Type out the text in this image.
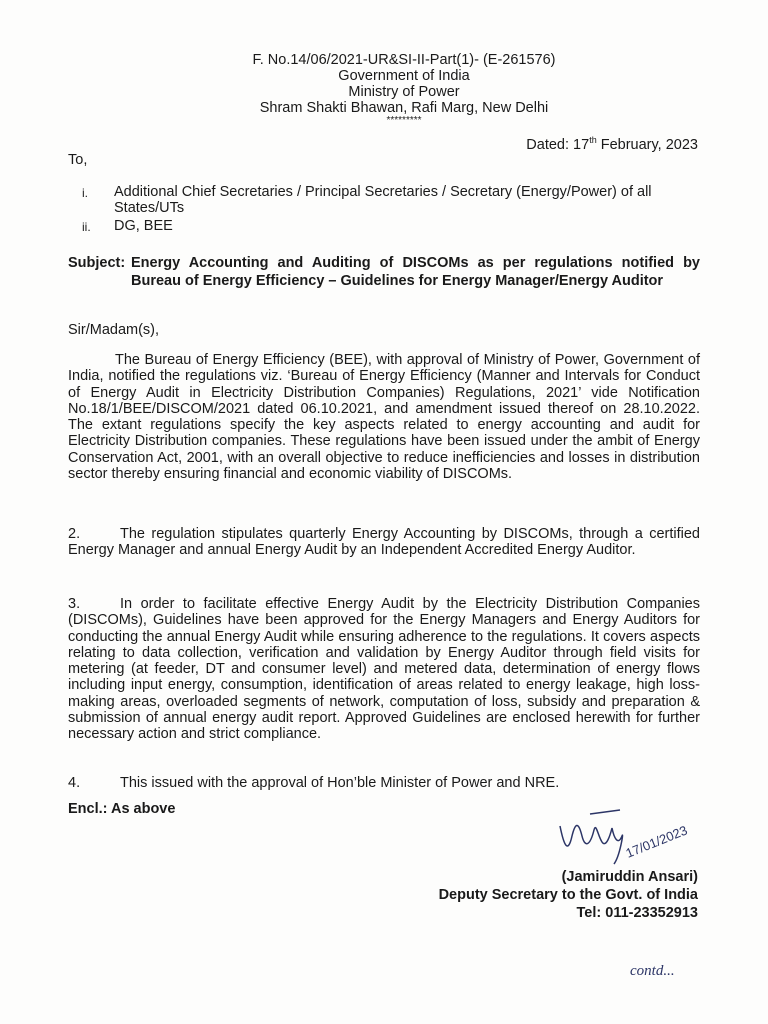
F. No.14/06/2021-UR&SI-II-Part(1)- (E-261576)
Government of India
Ministry of Power
Shram Shakti Bhawan, Rafi Marg, New Delhi
*********
Dated: 17th February, 2023
To,
i.	Additional Chief Secretaries / Principal Secretaries / Secretary (Energy/Power) of all States/UTs
ii.	DG, BEE
Subject: Energy Accounting and Auditing of DISCOMs as per regulations notified by Bureau of Energy Efficiency – Guidelines for Energy Manager/Energy Auditor
Sir/Madam(s),
The Bureau of Energy Efficiency (BEE), with approval of Ministry of Power, Government of India, notified the regulations viz. ‘Bureau of Energy Efficiency (Manner and Intervals for Conduct of Energy Audit in Electricity Distribution Companies) Regulations, 2021’ vide Notification No.18/1/BEE/DISCOM/2021 dated 06.10.2021, and amendment issued thereof on 28.10.2022. The extant regulations specify the key aspects related to energy accounting and audit for Electricity Distribution companies. These regulations have been issued under the ambit of Energy Conservation Act, 2001, with an overall objective to reduce inefficiencies and losses in distribution sector thereby ensuring financial and economic viability of DISCOMs.
2.	The regulation stipulates quarterly Energy Accounting by DISCOMs, through a certified Energy Manager and annual Energy Audit by an Independent Accredited Energy Auditor.
3.	In order to facilitate effective Energy Audit by the Electricity Distribution Companies (DISCOMs), Guidelines have been approved for the Energy Managers and Energy Auditors for conducting the annual Energy Audit while ensuring adherence to the regulations. It covers aspects relating to data collection, verification and validation by Energy Auditor through field visits for metering (at feeder, DT and consumer level) and metered data, determination of energy flows including input energy, consumption, identification of areas related to energy leakage, high loss-making areas, overloaded segments of network, computation of loss, subsidy and preparation & submission of annual energy audit report. Approved Guidelines are enclosed herewith for further necessary action and strict compliance.
4.	This issued with the approval of Hon’ble Minister of Power and NRE.
Encl.: As above
17/01/2023
(Jamiruddin Ansari)
Deputy Secretary to the Govt. of India
Tel: 011-23352913
contd...
